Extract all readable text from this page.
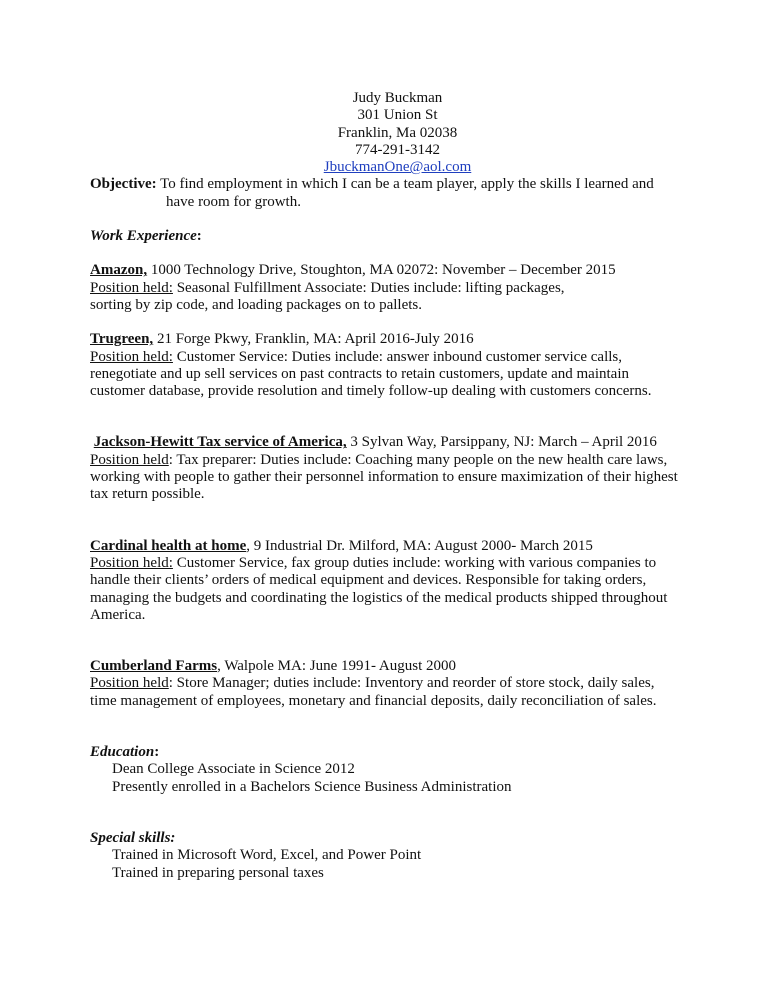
Judy Buckman

301 Union St

Franklin, Ma 02038

774-291-3142

JbuckmanOne@aol.com

Objective: To find employment in which I can be a team player, apply the skills I learned and

have room for growth.

Work Experience:

Amazon, 1000 Technology Drive, Stoughton, MA 02072: November – December 2015

Position held: Seasonal Fulfillment Associate: Duties include: lifting packages, sorting by zip code, and loading packages on to pallets.

Trugreen, 21 Forge Pkwy, Franklin, MA: April 2016-July 2016

Position held: Customer Service: Duties include: answer inbound customer service calls, renegotiate and up sell services on past contracts to retain customers, update and maintain customer database, provide resolution and timely follow-up dealing with customers concerns.

Jackson-Hewitt Tax service of America, 3 Sylvan Way, Parsippany, NJ: March – April 2016

Position held: Tax preparer: Duties include: Coaching many people on the new health care laws, working with people to gather their personnel information to ensure maximization of their highest tax return possible.

Cardinal health at home, 9 Industrial Dr. Milford, MA: August 2000- March 2015

Position held: Customer Service, fax group duties include: working with various companies to handle their clients’ orders of medical equipment and devices. Responsible for taking orders, managing the budgets and coordinating the logistics of the medical products shipped throughout America.

Cumberland Farms, Walpole MA: June 1991- August 2000

Position held: Store Manager; duties include: Inventory and reorder of store stock, daily sales, time management of employees, monetary and financial deposits, daily reconciliation of sales.

Education:

Dean College Associate in Science 2012

Presently enrolled in a Bachelors Science Business Administration

Special skills:

Trained in Microsoft Word, Excel, and Power Point

Trained in preparing personal taxes
